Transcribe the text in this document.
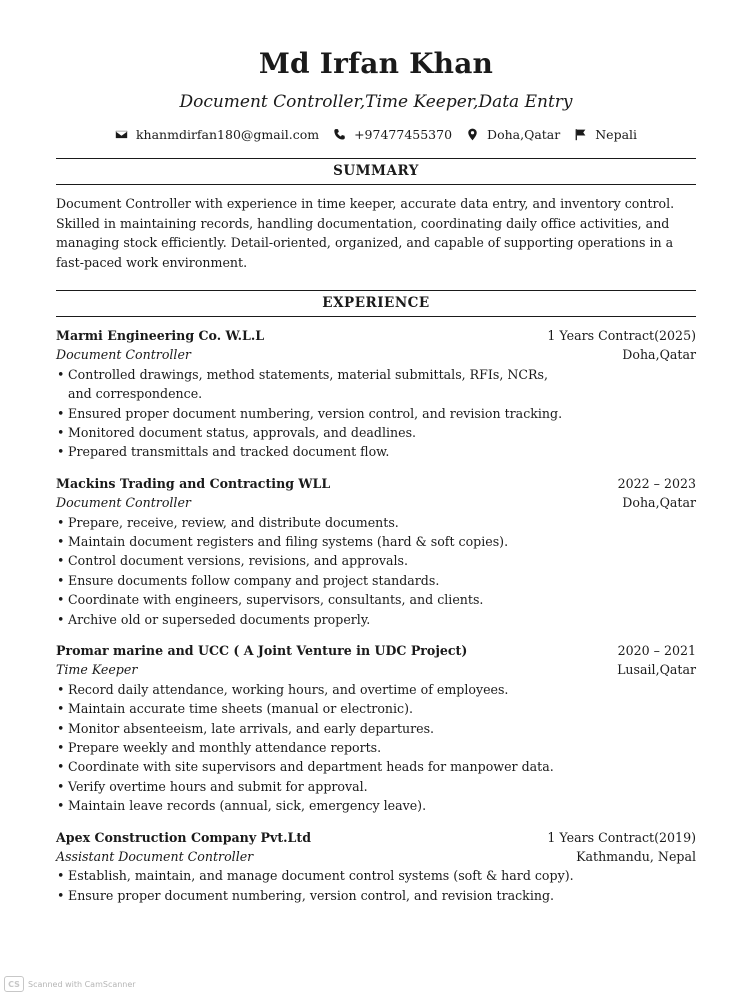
Md Irfan Khan
Document Controller,Time Keeper,Data Entry
khanmdirfan180@gmail.com	+97477455370	Doha,Qatar	Nepali
SUMMARY
Document Controller with experience in time keeper, accurate data entry, and inventory control. Skilled in maintaining records, handling documentation, coordinating daily office activities, and managing stock efficiently. Detail-oriented, organized, and capable of supporting operations in a fast-paced work environment.
EXPERIENCE
Marmi Engineering Co. W.L.L	1 Years Contract(2025)
Document Controller	Doha,Qatar
• Controlled drawings, method statements, material submittals, RFIs, NCRs, and correspondence.
• Ensured proper document numbering, version control, and revision tracking.
• Monitored document status, approvals, and deadlines.
• Prepared transmittals and tracked document flow.
Mackins Trading and Contracting WLL	2022 – 2023
Document Controller	Doha,Qatar
• Prepare, receive, review, and distribute documents.
• Maintain document registers and filing systems (hard & soft copies).
• Control document versions, revisions, and approvals.
• Ensure documents follow company and project standards.
• Coordinate with engineers, supervisors, consultants, and clients.
• Archive old or superseded documents properly.
Promar marine and UCC ( A Joint Venture in UDC Project)	2020 – 2021
Time Keeper	Lusail,Qatar
• Record daily attendance, working hours, and overtime of employees.
• Maintain accurate time sheets (manual or electronic).
• Monitor absenteeism, late arrivals, and early departures.
• Prepare weekly and monthly attendance reports.
• Coordinate with site supervisors and department heads for manpower data.
• Verify overtime hours and submit for approval.
• Maintain leave records (annual, sick, emergency leave).
Apex Construction Company Pvt.Ltd	1 Years Contract(2019)
Assistant Document Controller	Kathmandu, Nepal
• Establish, maintain, and manage document control systems (soft & hard copy).
• Ensure proper document numbering, version control, and revision tracking.
CS	Scanned with CamScanner
